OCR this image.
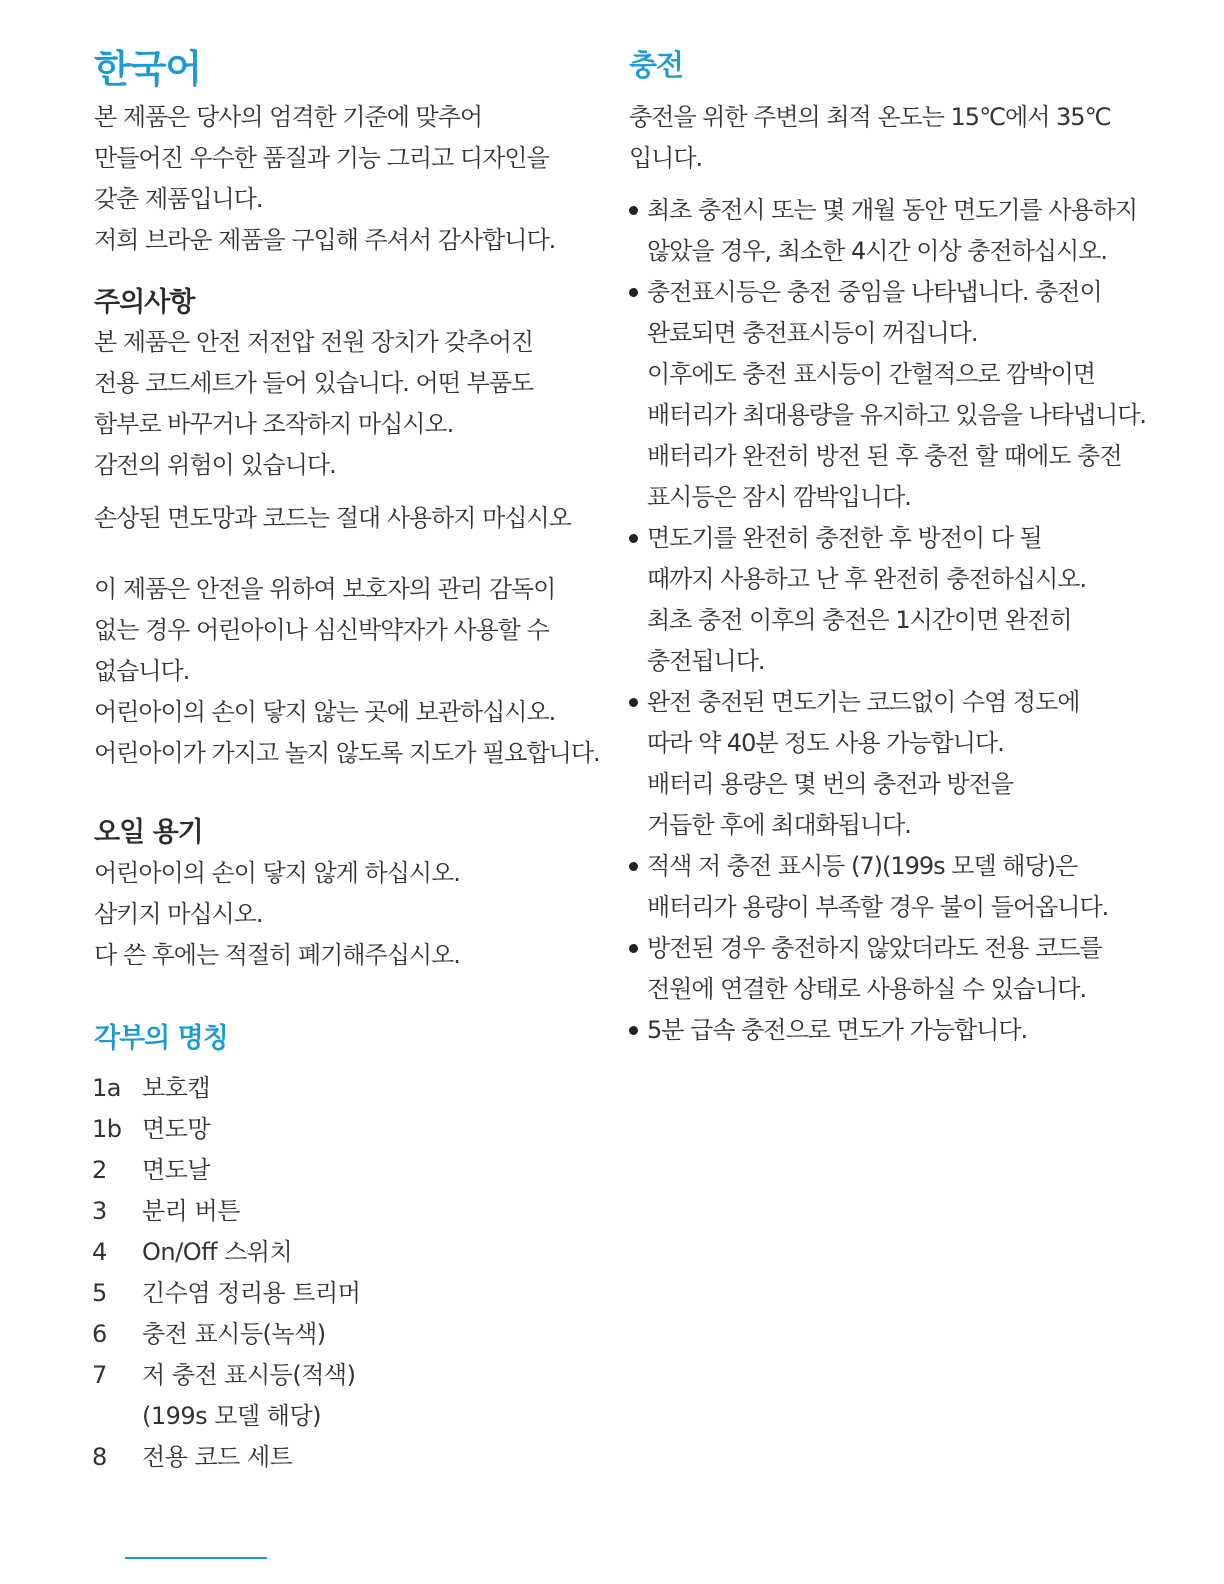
한국어

본 제품은 당사의 엄격한 기준에 맞추어

만들어진 우수한 품질과 기능 그리고 디자인을

갖춘 제품입니다.

저희 브라운 제품을 구입해 주셔서 감사합니다.

주의사항

본 제품은 안전 저전압 전원 장치가 갖추어진

전용 코드세트가 들어 있습니다. 어떤 부품도

함부로 바꾸거나 조작하지 마십시오.

감전의 위험이 있습니다.

손상된 면도망과 코드는 절대 사용하지 마십시오

이 제품은 안전을 위하여 보호자의 관리 감독이

없는 경우 어린아이나 심신박약자가 사용할 수

없습니다.

어린아이의 손이 닿지 않는 곳에 보관하십시오.

어린아이가 가지고 놀지 않도록 지도가 필요합니다.

오일 용기

어린아이의 손이 닿지 않게 하십시오.

삼키지 마십시오.

다 쓴 후에는 적절히 폐기해주십시오.

각부의 명칭
1a 보호캡

1b 면도망

2	면도날

3	분리 버튼

4	On/Off 스위치

5	긴수염 정리용 트리머

6	충전 표시등(녹색)

7	저 충전 표시등(적색)

(199s 모델 해당)

8	전용 코드 세트

충전

충전을 위한 주변의 최적 온도는 15℃에서 35℃

입니다.

최초 충전시 또는 몇 개월 동안 면도기를 사용하지

않았을 경우, 최소한 4시간 이상 충전하십시오.

충전표시등은 충전 중임을 나타냅니다. 충전이

완료되면 충전표시등이 꺼집니다.

이후에도 충전 표시등이 간헐적으로 깜박이면

배터리가 최대용량을 유지하고 있음을 나타냅니다.

배터리가 완전히 방전 된 후 충전 할 때에도 충전

표시등은 잠시 깜박입니다.

면도기를 완전히 충전한 후 방전이 다 될

때까지 사용하고 난 후 완전히 충전하십시오.

최초 충전 이후의 충전은 1시간이면 완전히

충전됩니다.

완전 충전된 면도기는 코드없이 수염 정도에

따라 약 40분 정도 사용 가능합니다.

배터리 용량은 몇 번의 충전과 방전을

거듭한 후에 최대화됩니다.

적색 저 충전 표시등 (7)(199s 모델 해당)은

배터리가 용량이 부족할 경우 불이 들어옵니다.

방전된 경우 충전하지 않았더라도 전용 코드를

전원에 연결한 상태로 사용하실 수 있습니다.

5분 급속 충전으로 면도가 가능합니다.
